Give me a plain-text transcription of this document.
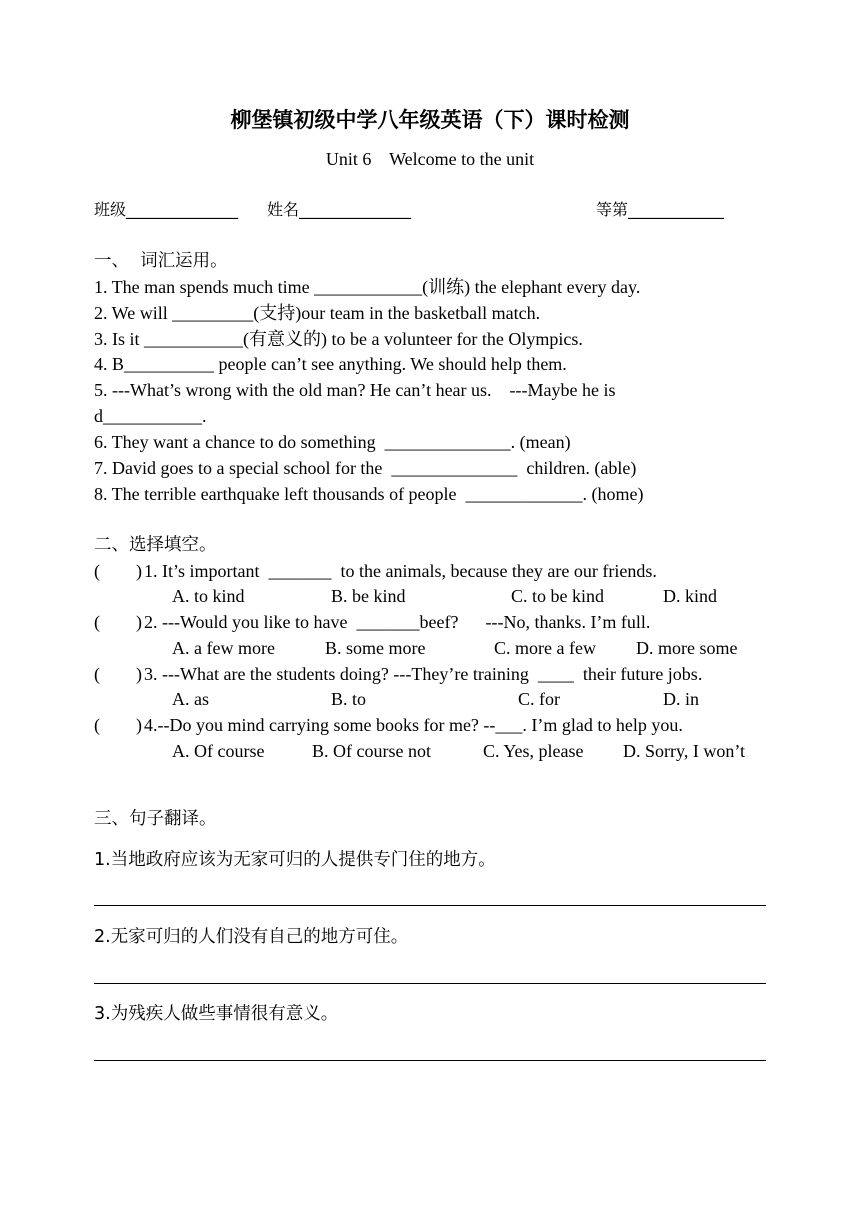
柳堡镇初级中学八年级英语（下）课时检测
Unit 6    Welcome to the unit
班级______________ 姓名______________	等第____________
一、  词汇运用。
1. The man spends much time ____________(训练) the elephant every day.
2. We will _________(支持)our team in the basketball match.
3. Is it ___________(有意义的) to be a volunteer for the Olympics.
4. B__________ people can’t see anything. We should help them.
5. ---What’s wrong with the old man? He can’t hear us.    ---Maybe he is
d___________.
6. They want a chance to do something  ______________. (mean)
7. David goes to a special school for the  ______________  children. (able)
8. The terrible earthquake left thousands of people  _____________. (home)
二、选择填空。
(        ) 1. It’s important  _______  to the animals, because they are our friends.
A. to kind	B. be kind	C. to be kind	D. kind
(        ) 2. ---Would you like to have  _______beef?      ---No, thanks. I’m full.
A. a few more	B. some more	C. more a few D. more some
(        ) 3. ---What are the students doing? ---They’re training  ____  their future jobs.
A. as	B. to	C. for	D. in
(        ) 4.--Do you mind carrying some books for me? --___. I’m glad to help you.
A. Of course	B. Of course not	C. Yes, please D. Sorry, I won’t
三、句子翻译。
1.当地政府应该为无家可归的人提供专门住的地方。
2.无家可归的人们没有自己的地方可住。
3.为残疾人做些事情很有意义。
